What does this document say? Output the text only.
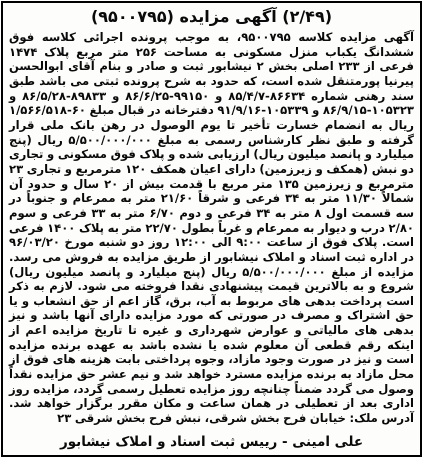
(۲/۴۹) آگهی مزایده (۹۵۰۰۷۹۵)

آگهی مزایده کلاسه ۹۵۰۰۷۹۵، به موجب پرونده اجرائی کلاسه فوق ششدانگ یکباب منزل مسکونی به مساحت ۲۵۶ متر مربع پلاک ۱۴۷۴ فرعی از ۲۳۳ اصلی بخش ۲ نیشابور ثبت و صادر و بنام آقای ابوالحسن پیرنیا پورمتنقل شده است، که حدود به شرح پرونده ثبتی می باشد طبق سند رهنی شماره ۸۶۶۳۴-۸۵/۴/۷ و ۹۹۱۵۰-۸۶/۶/۲۵ و ۸۹۸۳۳-۸۶/۵/۲۸ و ۱۰۵۳۲۳-۸۶/۹/۱۵ و ۱۰۵۳۳۹-۹۱/۹/۱۶ دفترخانه در قبال مبلغ ۶۰-۱/۵۶۶/۵۱۸ ریال به انضمام خسارت تأخیر تا یوم الوصول در رهن بانک ملی قرار گرفته و طبق نظر کارشناس رسمی به مبلغ ۵/۵۰۰/۰۰۰/۰۰۰ ریال (پنج میلیارد و پانصد میلیون ریال) ارزیابی شده و پلاک فوق مسکونی و تجاری دو نبش (همکف و زیرزمین) دارای اعیان همکف ۱۲۰ مترمربع و تجاری ۲۳ مترمربع و زیرزمین ۱۳۵ متر مربع با قدمت بیش از ۲۰ سال و حدود آن شمالاً ۱۱/۳۰ متر به ۳۴ فرعی و شرقاً ۲۱/۶۰ متر به ممرعام و جنوباً در سه قسمت اول ۸ متر به ۳۴ فرعی و دوم ۶/۷۰ متر به ۳۳ فرعی و سوم ۲/۸۰ درب و دیوار به ممرعام و غرباً بطول ۲۲/۷۰ متر به پلاک ۱۴۰۰ فرعی است. پلاک فوق از ساعت ۹:۰۰ الی ۱۲:۰۰ روز دو شنبه مورخ ۹۶/۰۳/۲۰ در اداره ثبت اسناد و املاک نیشابور از طریق مزایده به فروش می رسد. مزایده از مبلغ ۵/۵۰۰/۰۰۰/۰۰۰ ریال (پنج میلیارد و پانصد میلیون ریال) شروع و به بالاترین قیمت پیشنهادی نقدا فروخته می شود. لازم به ذکر است پرداخت بدهی های مربوط به آب، برق، گاز اعم از حق انشعاب و یا حق اشتراک و مصرف در صورتی که مورد مزایده دارای آنها باشد و نیز بدهی های مالیاتی و عوارض شهرداری و غیره تا تاریخ مزایده اعم از اینکه رقم قطعی آن معلوم شده یا نشده باشد به عهده برنده مزایده است و نیز در صورت وجود مازاد، وجوه پرداختی بابت هزینه های فوق از محل مازاد به برنده مزایده مسترد خواهد شد و نیم عشر حق مزایده نقداً وصول می گردد ضمناً چنانچه روز مزایده تعطیل رسمی گردد، مزایده روز اداری بعد از تعطیلی در همان ساعت و مکان مقرر برگزار خواهد شد. آدرس ملک: خیابان فرح بخش شرقی، نبش فرح بخش شرقی ۲۳

علی امینی - رییس ثبت اسناد و املاک نیشابور
